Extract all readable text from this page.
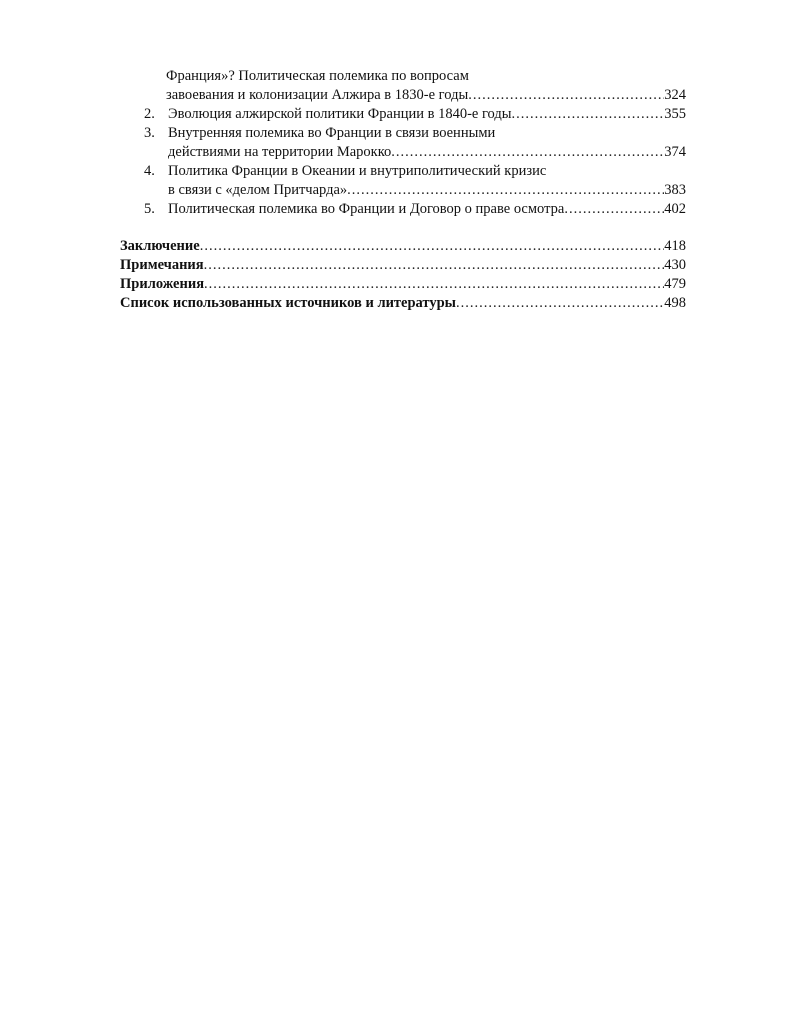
Франция»? Политическая полемика по вопросам
завоевания и колонизации Алжира в 1830-е годы .....	324
2. Эволюция алжирской политики Франции в 1840-е годы .....	355
3. Внутренняя полемика во Франции в связи военными
действиями на территории Марокко .....	374
4. Политика Франции в Океании и внутриполитический кризис
в связи с «делом Притчарда» .....	383
5. Политическая полемика во Франции и Договор о праве осмотра .....	402
Заключение .....	418
Примечания .....	430
Приложения .....	479
Список использованных источников и литературы .....	498
